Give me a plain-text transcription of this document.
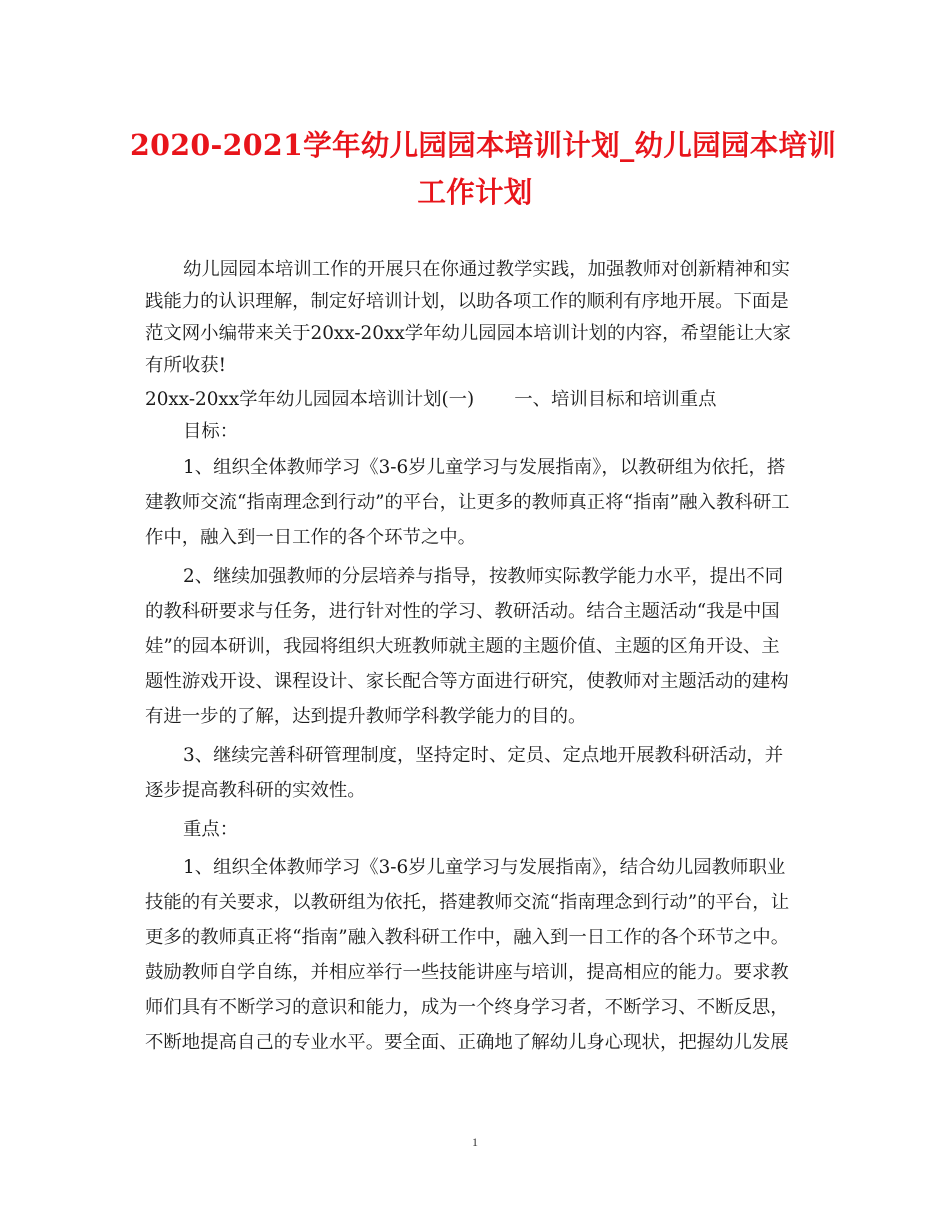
2020-2021学年幼儿园园本培训计划_幼儿园园本培训
工作计划
幼儿园园本培训工作的开展只在你通过教学实践，加强教师对创新精神和实
践能力的认识理解，制定好培训计划，以助各项工作的顺利有序地开展。下面是
范文网小编带来关于20xx-20xx学年幼儿园园本培训计划的内容，希望能让大家
有所收获!
20xx-20xx学年幼儿园园本培训计划(一) 一、培训目标和培训重点
目标：
1、组织全体教师学习《3-6岁儿童学习与发展指南》，以教研组为依托，搭
建教师交流“指南理念到行动”的平台，让更多的教师真正将“指南”融入教科研工
作中，融入到一日工作的各个环节之中。
2、继续加强教师的分层培养与指导，按教师实际教学能力水平，提出不同
的教科研要求与任务，进行针对性的学习、教研活动。结合主题活动“我是中国
娃”的园本研训，我园将组织大班教师就主题的主题价值、主题的区角开设、主
题性游戏开设、课程设计、家长配合等方面进行研究，使教师对主题活动的建构
有进一步的了解，达到提升教师学科教学能力的目的。
3、继续完善科研管理制度，坚持定时、定员、定点地开展教科研活动，并
逐步提高教科研的实效性。
重点：
1、组织全体教师学习《3-6岁儿童学习与发展指南》，结合幼儿园教师职业
技能的有关要求，以教研组为依托，搭建教师交流“指南理念到行动”的平台，让
更多的教师真正将“指南”融入教科研工作中，融入到一日工作的各个环节之中。
鼓励教师自学自练，并相应举行一些技能讲座与培训，提高相应的能力。要求教
师们具有不断学习的意识和能力，成为一个终身学习者，不断学习、不断反思，
不断地提高自己的专业水平。要全面、正确地了解幼儿身心现状，把握幼儿发展
1
